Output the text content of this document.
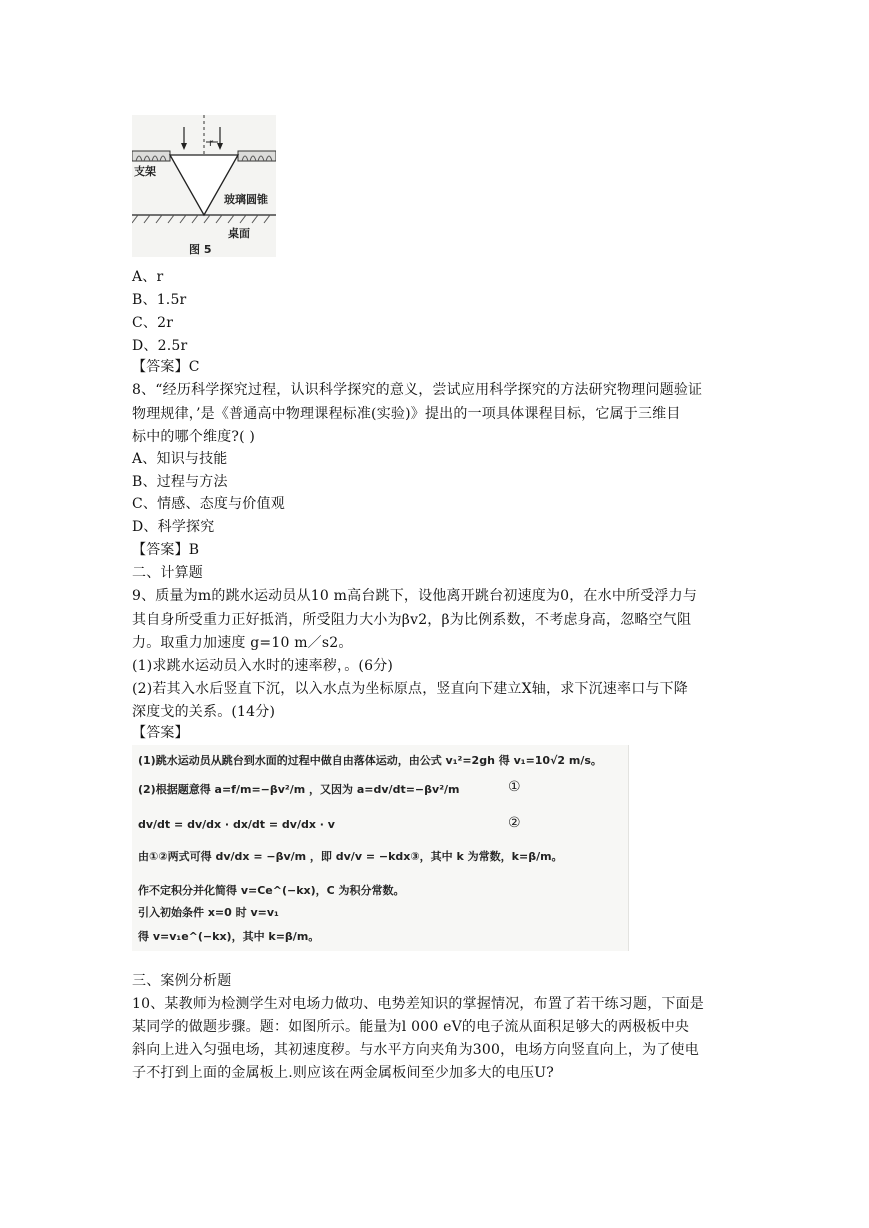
r
支架
玻璃圆锥
桌面
图 5
A、r
B、1.5r
C、2r
D、2.5r
【答案】C
8、“经历科学探究过程，认识科学探究的意义，尝试应用科学探究的方法研究物理问题验证
物理规律，’是《普通高中物理课程标准(实验)》提出的一项具体课程目标，它属于三维目
标中的哪个维度?( )
A、知识与技能
B、过程与方法
C、情感、态度与价值观
D、科学探究
【答案】B
二、计算题
9、质量为m的跳水运动员从10 m高台跳下，设他离开跳台初速度为0，在水中所受浮力与
其自身所受重力正好抵消，所受阻力大小为βv2，β为比例系数，不考虑身高，忽略空气阻
力。取重力加速度 g=10 m／s2。
(1)求跳水运动员入水时的速率秽，。(6分)
(2)若其入水后竖直下沉，以入水点为坐标原点，竖直向下建立X轴，求下沉速率口与下降
深度戈的关系。(14分)
【答案】
(1)跳水运动员从跳台到水面的过程中做自由落体运动，由公式 v₁²=2gh 得 v₁=10√2 m/s。
(2)根据题意得 a=f/m=−βv²/m ，又因为 a=dv/dt=−βv²/m
dv/dt = dv/dx · dx/dt = dv/dx · v
由①②两式可得 dv/dx = −βv/m ，即 dv/v = −kdx③，其中 k 为常数，k=β/m。
作不定积分并化简得 v=Ce^(−kx)，C 为积分常数。
引入初始条件 x=0 时 v=v₁
得 v=v₁e^(−kx)，其中 k=β/m。
①
②
三、案例分析题
10、某教师为检测学生对电场力做功、电势差知识的掌握情况，布置了若干练习题，下面是
某同学的做题步骤。题：如图所示。能量为l 000 eV的电子流从面积足够大的两极板中央
斜向上进入匀强电场，其初速度秽。与水平方向夹角为300，电场方向竖直向上，为了使电
子不打到上面的金属板上.则应该在两金属板间至少加多大的电压U?
